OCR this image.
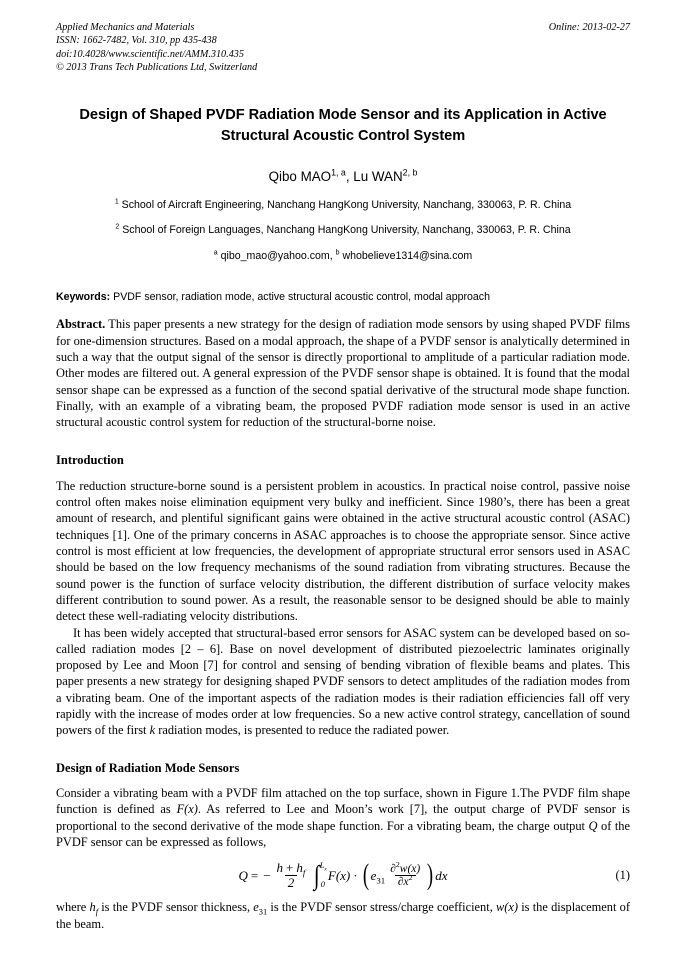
Applied Mechanics and Materials
ISSN: 1662-7482, Vol. 310, pp 435-438
doi:10.4028/www.scientific.net/AMM.310.435
© 2013 Trans Tech Publications Ltd, Switzerland
Online: 2013-02-27
Design of Shaped PVDF Radiation Mode Sensor and its Application in Active Structural Acoustic Control System
Qibo MAO$^{1, a}$, Lu WAN$^{2, b}$
$^1$ School of Aircraft Engineering, Nanchang HangKong University, Nanchang, 330063, P. R. China
$^2$ School of Foreign Languages, Nanchang HangKong University, Nanchang, 330063, P. R. China
$^a$ qibo_mao@yahoo.com, $^b$ whobelieve1314@sina.com
Keywords: PVDF sensor, radiation mode, active structural acoustic control, modal approach
Abstract. This paper presents a new strategy for the design of radiation mode sensors by using shaped PVDF films for one-dimension structures. Based on a modal approach, the shape of a PVDF sensor is analytically determined in such a way that the output signal of the sensor is directly proportional to amplitude of a particular radiation mode. Other modes are filtered out. A general expression of the PVDF sensor shape is obtained. It is found that the modal sensor shape can be expressed as a function of the second spatial derivative of the structural mode shape function. Finally, with an example of a vibrating beam, the proposed PVDF radiation mode sensor is used in an active structural acoustic control system for reduction of the structural-borne noise.
Introduction

The reduction structure-borne sound is a persistent problem in acoustics. In practical noise control, passive noise control often makes noise elimination equipment very bulky and inefficient. Since 1980’s, there has been a great amount of research, and plentiful significant gains were obtained in the active structural acoustic control (ASAC) techniques [1]. One of the primary concerns in ASAC approaches is to choose the appropriate sensor. Since active control is most efficient at low frequencies, the development of appropriate structural error sensors used in ASAC should be based on the low frequency mechanisms of the sound radiation from vibrating structures. Because the sound power is the function of surface velocity distribution, the different distribution of surface velocity makes different contribution to sound power. As a result, the reasonable sensor to be designed should be able to mainly detect these well-radiating velocity distributions.

It has been widely accepted that structural-based error sensors for ASAC system can be developed based on so-called radiation modes [2 – 6]. Base on novel development of distributed piezoelectric laminates originally proposed by Lee and Moon [7] for control and sensing of bending vibration of flexible beams and plates. This paper presents a new strategy for designing shaped PVDF sensors to detect amplitudes of the radiation modes from a vibrating beam. One of the important aspects of the radiation modes is their radiation efficiencies fall off very rapidly with the increase of modes order at low frequencies. So a new active control strategy, cancellation of sound powers of the first k radiation modes, is presented to reduce the radiated power.

Design of Radiation Mode Sensors

Consider a vibrating beam with a PVDF film attached on the top surface, shown in Figure 1.The PVDF film shape function is defined as F(x). As referred to Lee and Moon’s work [7], the output charge of PVDF sensor is proportional to the second derivative of the mode shape function. For a vibrating beam, the charge output Q of the PVDF sensor can be expressed as follows,

Q = − $\frac{h + h_f}{2}$ ∫ $L_x$
0
F(x) · ( $e_{31} \frac{\partial^2w(x)}{\partial x^2}$ ) dx	(1)

where $h_f$ is the PVDF sensor thickness, $e_{31}$ is the PVDF sensor stress/charge coefficient, w(x) is the displacement of the beam.
